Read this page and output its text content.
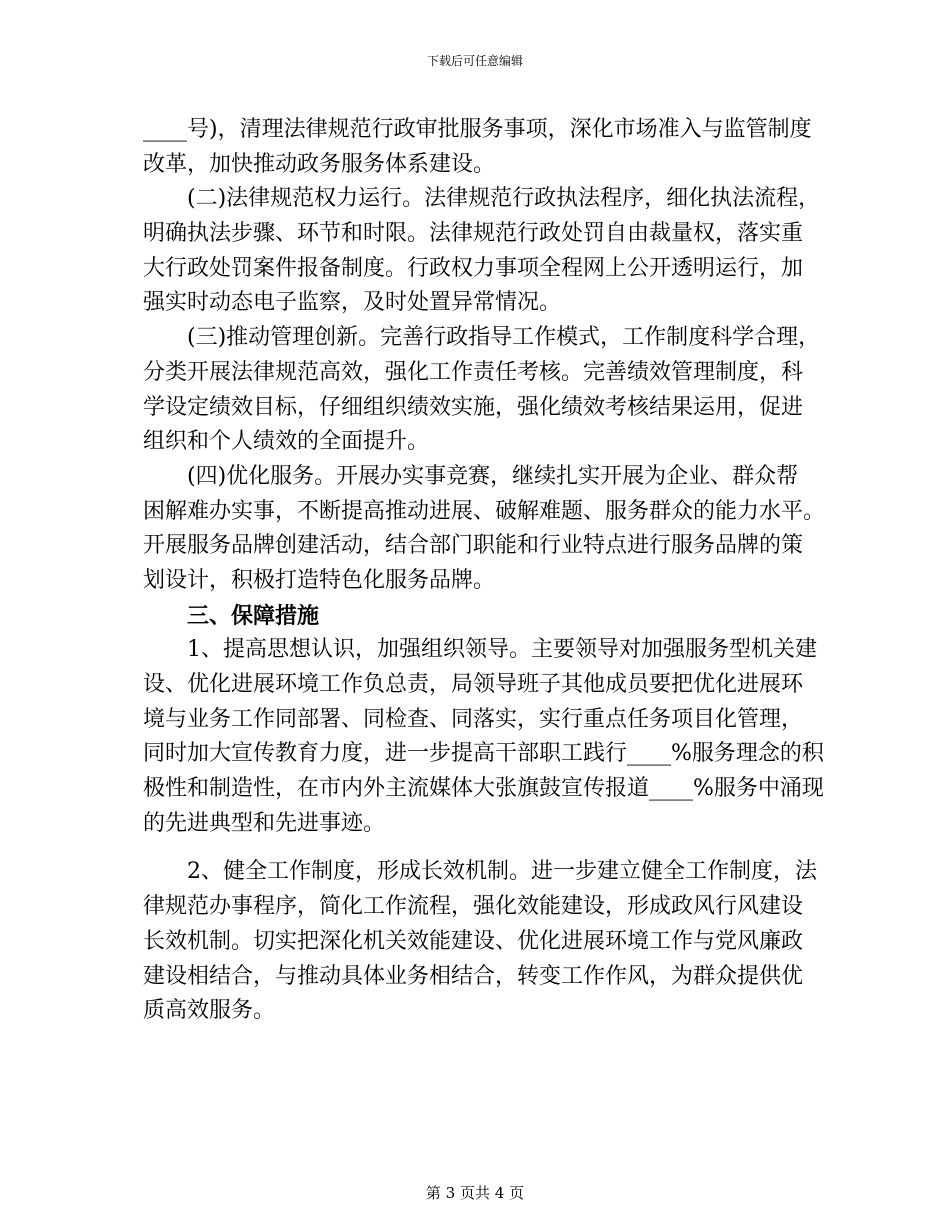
下载后可任意编辑
____号)，清理法律规范行政审批服务事项，深化市场准入与监管制度
改革，加快推动政务服务体系建设。
(二)法律规范权力运行。法律规范行政执法程序，细化执法流程，
明确执法步骤、环节和时限。法律规范行政处罚自由裁量权，落实重
大行政处罚案件报备制度。行政权力事项全程网上公开透明运行，加
强实时动态电子监察，及时处置异常情况。
(三)推动管理创新。完善行政指导工作模式，工作制度科学合理，
分类开展法律规范高效，强化工作责任考核。完善绩效管理制度，科
学设定绩效目标，仔细组织绩效实施，强化绩效考核结果运用，促进
组织和个人绩效的全面提升。
(四)优化服务。开展办实事竞赛，继续扎实开展为企业、群众帮
困解难办实事，不断提高推动进展、破解难题、服务群众的能力水平。
开展服务品牌创建活动，结合部门职能和行业特点进行服务品牌的策
划设计，积极打造特色化服务品牌。
三、保障措施
1、提高思想认识，加强组织领导。主要领导对加强服务型机关建
设、优化进展环境工作负总责，局领导班子其他成员要把优化进展环
境与业务工作同部署、同检查、同落实，实行重点任务项目化管理，
同时加大宣传教育力度，进一步提高干部职工践行____%服务理念的积
极性和制造性，在市内外主流媒体大张旗鼓宣传报道____%服务中涌现
的先进典型和先进事迹。
2、健全工作制度，形成长效机制。进一步建立健全工作制度，法
律规范办事程序，简化工作流程，强化效能建设，形成政风行风建设
长效机制。切实把深化机关效能建设、优化进展环境工作与党风廉政
建设相结合，与推动具体业务相结合，转变工作作风，为群众提供优
质高效服务。
第 3 页共 4 页
